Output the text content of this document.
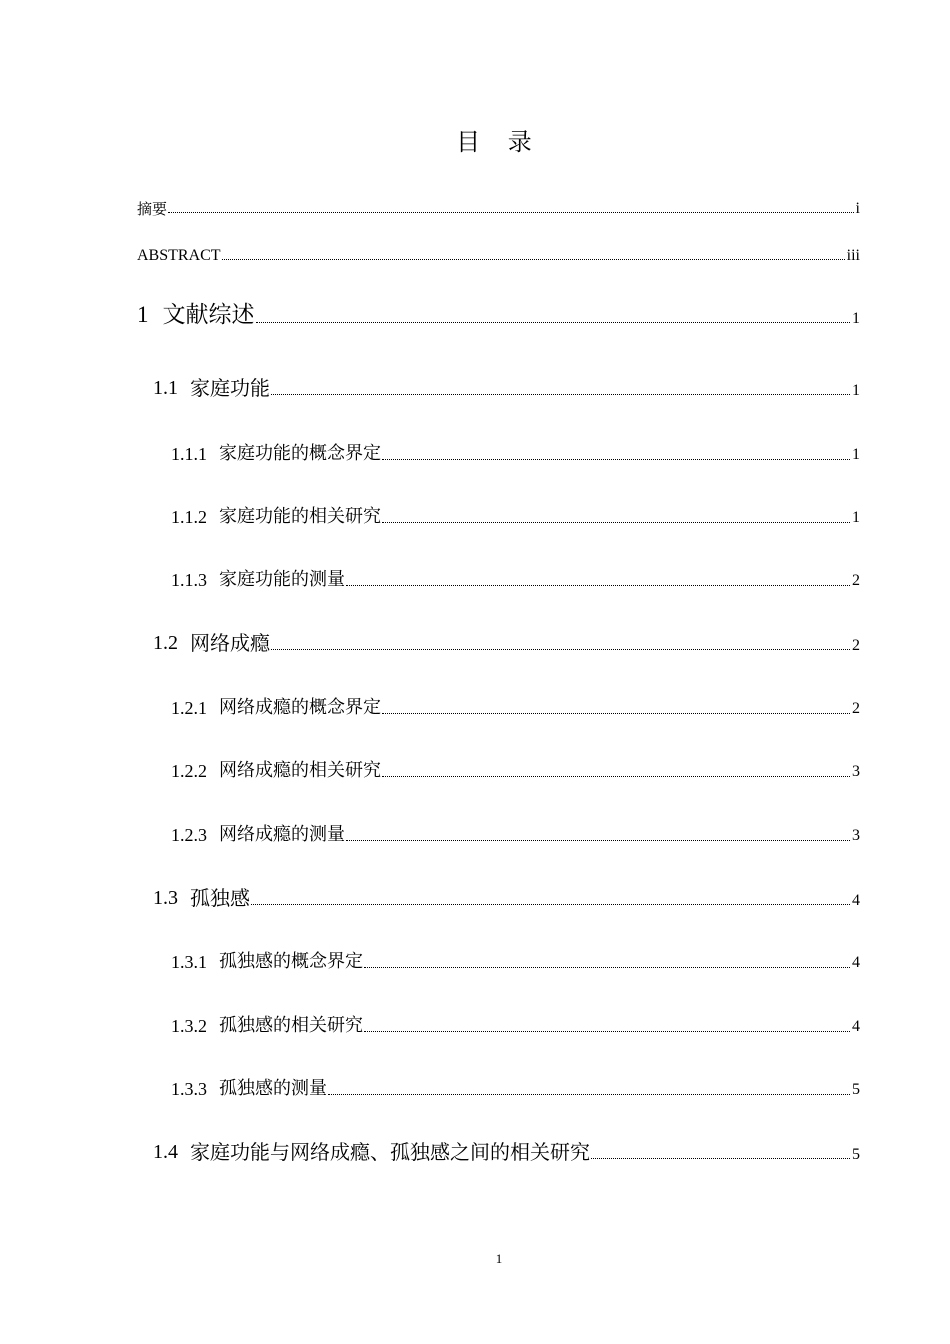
目 录
摘要	i
ABSTRACT	iii
1 文献综述	1
1.1 家庭功能	1
1.1.1 家庭功能的概念界定	1
1.1.2 家庭功能的相关研究	1
1.1.3 家庭功能的测量	2
1.2 网络成瘾	2
1.2.1 网络成瘾的概念界定	2
1.2.2 网络成瘾的相关研究	3
1.2.3 网络成瘾的测量	3
1.3 孤独感	4
1.3.1 孤独感的概念界定	4
1.3.2 孤独感的相关研究	4
1.3.3 孤独感的测量	5
1.4 家庭功能与网络成瘾、孤独感之间的相关研究	5
1
